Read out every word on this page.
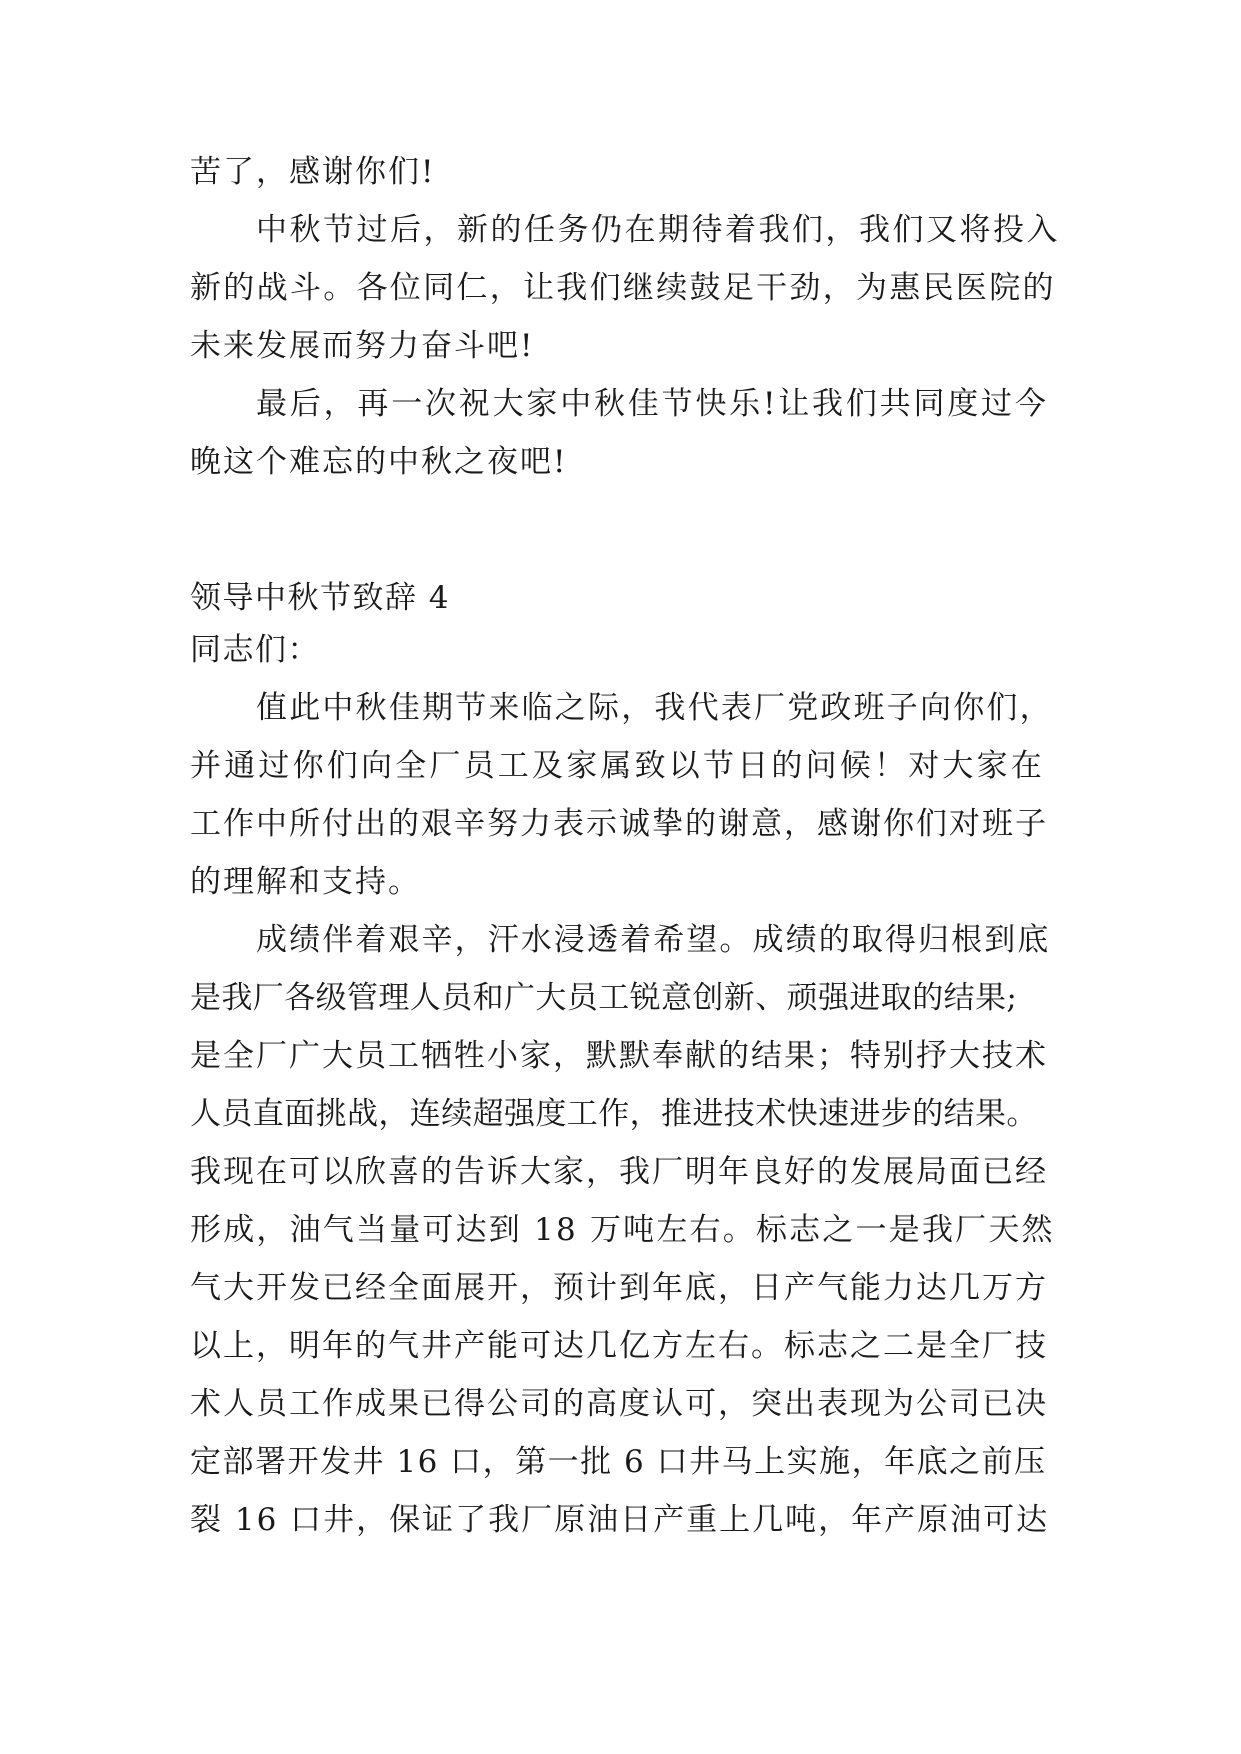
苦了，感谢你们!
中秋节过后，新的任务仍在期待着我们，我们又将投入
新的战斗。各位同仁，让我们继续鼓足干劲，为惠民医院的
未来发展而努力奋斗吧!
最后，再一次祝大家中秋佳节快乐!让我们共同度过今
晚这个难忘的中秋之夜吧!
领导中秋节致辞 4
同志们：
值此中秋佳期节来临之际，我代表厂党政班子向你们，
并通过你们向全厂员工及家属致以节日的问候！对大家在
工作中所付出的艰辛努力表示诚挚的谢意，感谢你们对班子
的理解和支持。
成绩伴着艰辛，汗水浸透着希望。成绩的取得归根到底
是我厂各级管理人员和广大员工锐意创新、顽强进取的结果;
是全厂广大员工牺牲小家，默默奉献的结果；特别抒大技术
人员直面挑战，连续超强度工作，推进技术快速进步的结果。
我现在可以欣喜的告诉大家，我厂明年良好的发展局面已经
形成，油气当量可达到 18 万吨左右。标志之一是我厂天然
气大开发已经全面展开，预计到年底，日产气能力达几万方
以上，明年的气井产能可达几亿方左右。标志之二是全厂技
术人员工作成果已得公司的高度认可，突出表现为公司已决
定部署开发井 16 口，第一批 6 口井马上实施，年底之前压
裂 16 口井，保证了我厂原油日产重上几吨，年产原油可达
